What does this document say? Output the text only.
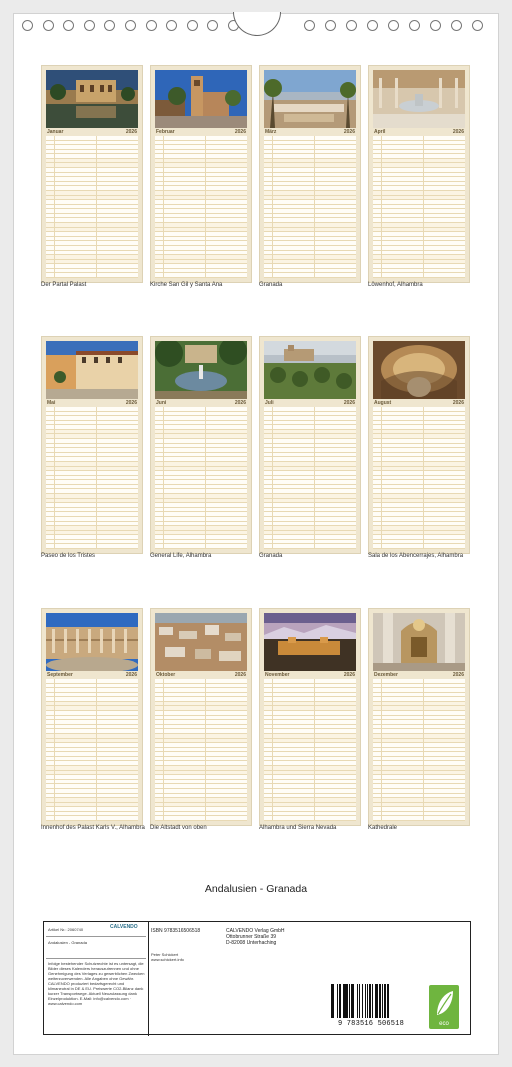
Januar	2026
Der Partal Palast
Februar	2026
Kirche San Gil y Santa Ana
März	2026
Granada
April	2026
Löwenhof, Alhambra
Mai	2026
Paseo de los Tristes
Juni	2026
General Life, Alhambra
Juli	2026
Granada
August	2026
Sala de los Abencerrajes, Alhambra
September	2026
Innenhof des Palast Karls V., Alhambra
Oktober	2026
Die Altstadt von oben
November	2026
Alhambra und Sierra Nevada
Dezember	2026
Kathedrale
Andalusien - Granada
Artikel Nr.: 2060740	CALVENDO
Andalusien - Granada
Infolge bestehender Schutzrechte ist es untersagt, die Bilder dieses Kalenders herauszutrennen und ohne Genehmigung des Verlages zu gewerblichen Zwecken weiterzuverwenden. Alle Angaben ohne Gewähr. CALVENDO produziert bedarfsgerecht und klimaneutral in DE & EU. Preiswerte CO2-Bilanz dank kurzer Transportwege. Aktuell Neuzulassung dank Einzelproduktion. E-Mail: info@calvendo.com · www.calvendo.com
ISBN 9783516506518
Peter Schickert
www.schickert.info
CALVENDO Verlag GmbH
Ottobrunner Straße 39
D-82008 Unterhaching
9 783516 506518	eco
